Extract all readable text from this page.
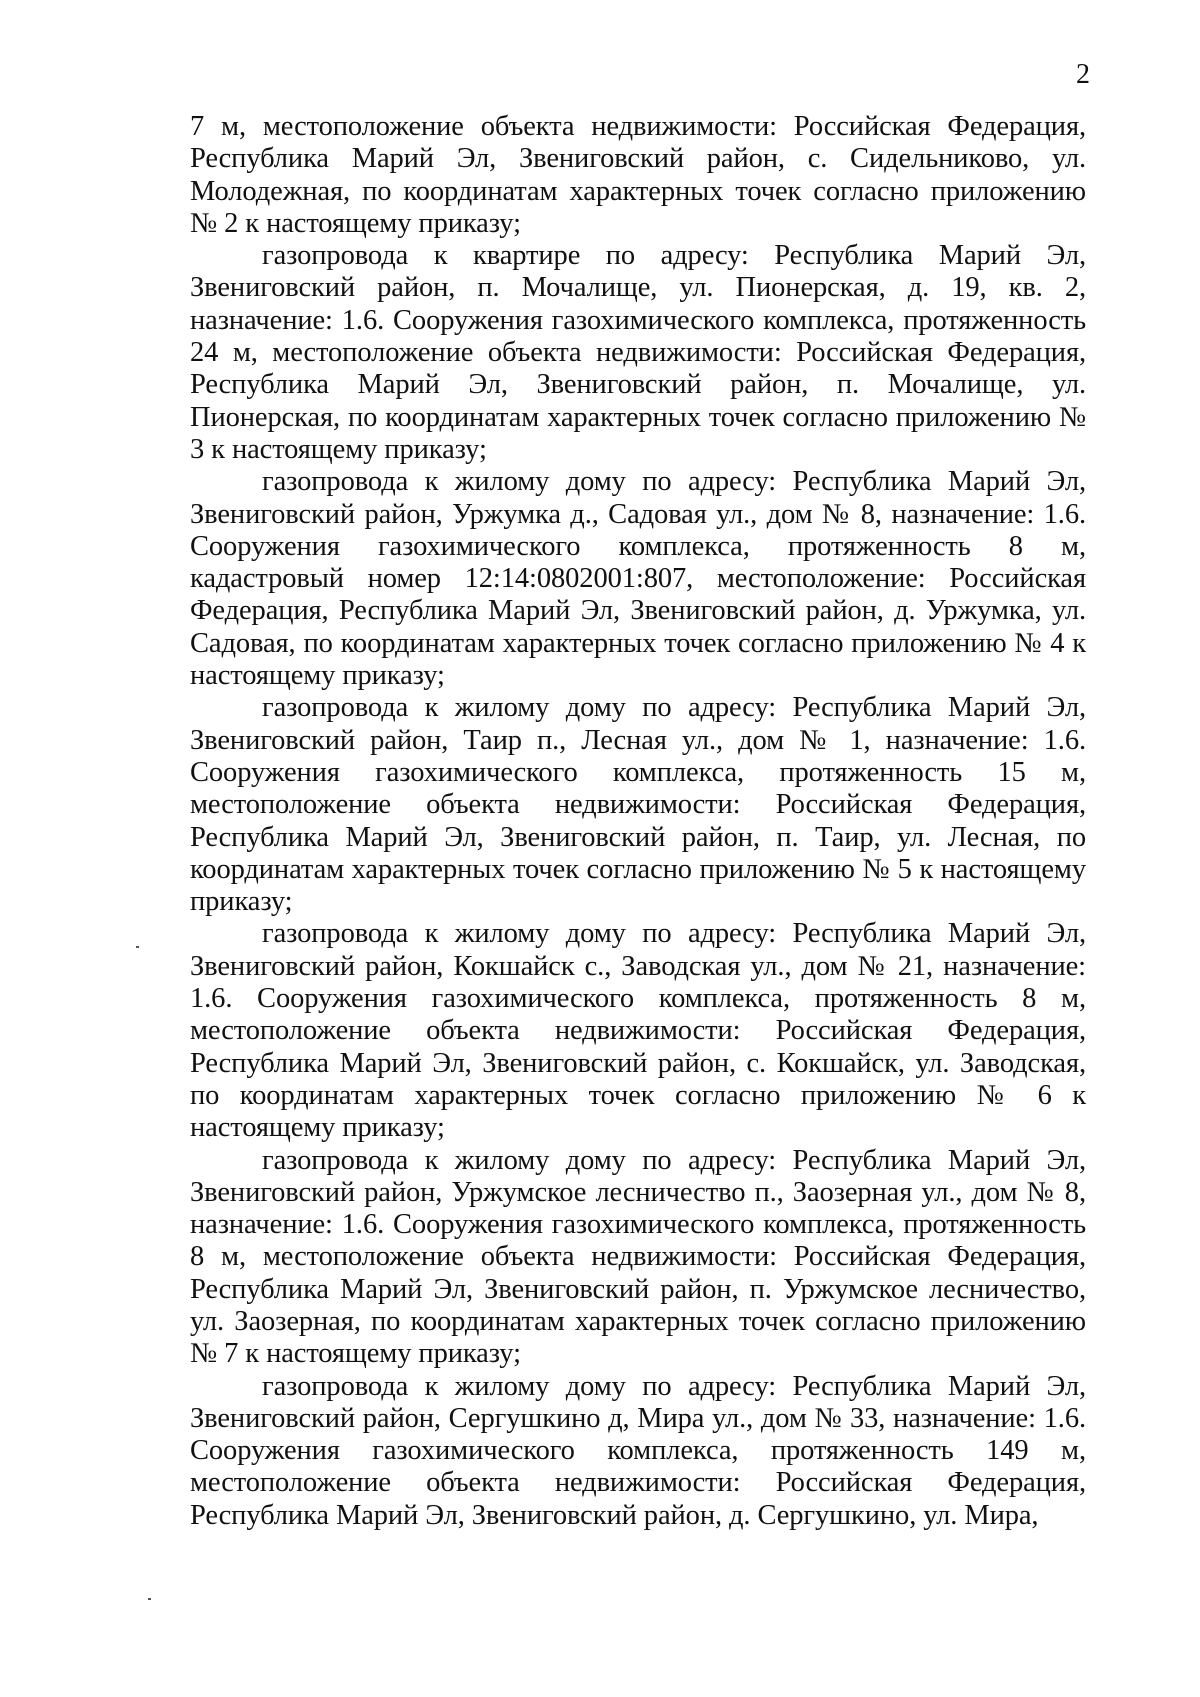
2

7 м, местоположение объекта недвижимости: Российская Федерация, Республика Марий Эл, Звениговский район, с. Сидельниково, ул. Молодежная, по координатам характерных точек согласно приложению № 2 к настоящему приказу;

газопровода к квартире по адресу: Республика Марий Эл, Звениговский район, п. Мочалище, ул. Пионерская, д. 19, кв. 2, назначение: 1.6. Сооружения газохимического комплекса, протяженность 24 м, местоположение объекта недвижимости: Российская Федерация, Республика Марий Эл, Звениговский район, п. Мочалище, ул. Пионерская, по координатам характерных точек согласно приложению № 3 к настоящему приказу;

газопровода к жилому дому по адресу: Республика Марий Эл, Звениговский район, Уржумка д., Садовая ул., дом № 8, назначение: 1.6. Сооружения газохимического комплекса, протяженность 8 м, кадастровый номер 12:14:0802001:807, местоположение: Российская Федерация, Республика Марий Эл, Звениговский район, д. Уржумка, ул. Садовая, по координатам характерных точек согласно приложению № 4 к настоящему приказу;

газопровода к жилому дому по адресу: Республика Марий Эл, Звениговский район, Таир п., Лесная ул., дом № 1, назначение: 1.6. Сооружения газохимического комплекса, протяженность 15 м, местоположение объекта недвижимости: Российская Федерация, Республика Марий Эл, Звениговский район, п. Таир, ул. Лесная, по координатам характерных точек согласно приложению № 5 к настоящему приказу;

газопровода к жилому дому по адресу: Республика Марий Эл, Звениговский район, Кокшайск с., Заводская ул., дом № 21, назначение: 1.6. Сооружения газохимического комплекса, протяженность 8 м, местоположение объекта недвижимости: Российская Федерация, Республика Марий Эл, Звениговский район, с. Кокшайск, ул. Заводская, по координатам характерных точек согласно приложению № 6 к настоящему приказу;

газопровода к жилому дому по адресу: Республика Марий Эл, Звениговский район, Уржумское лесничество п., Заозерная ул., дом № 8, назначение: 1.6. Сооружения газохимического комплекса, протяженность 8 м, местоположение объекта недвижимости: Российская Федерация, Республика Марий Эл, Звениговский район, п. Уржумское лесничество, ул. Заозерная, по координатам характерных точек согласно приложению № 7 к настоящему приказу;

газопровода к жилому дому по адресу: Республика Марий Эл, Звениговский район, Сергушкино д, Мира ул., дом № 33, назначение: 1.6. Сооружения газохимического комплекса, протяженность 149 м, местоположение объекта недвижимости: Российская Федерация, Республика Марий Эл, Звениговский район, д. Сергушкино, ул. Мира,
